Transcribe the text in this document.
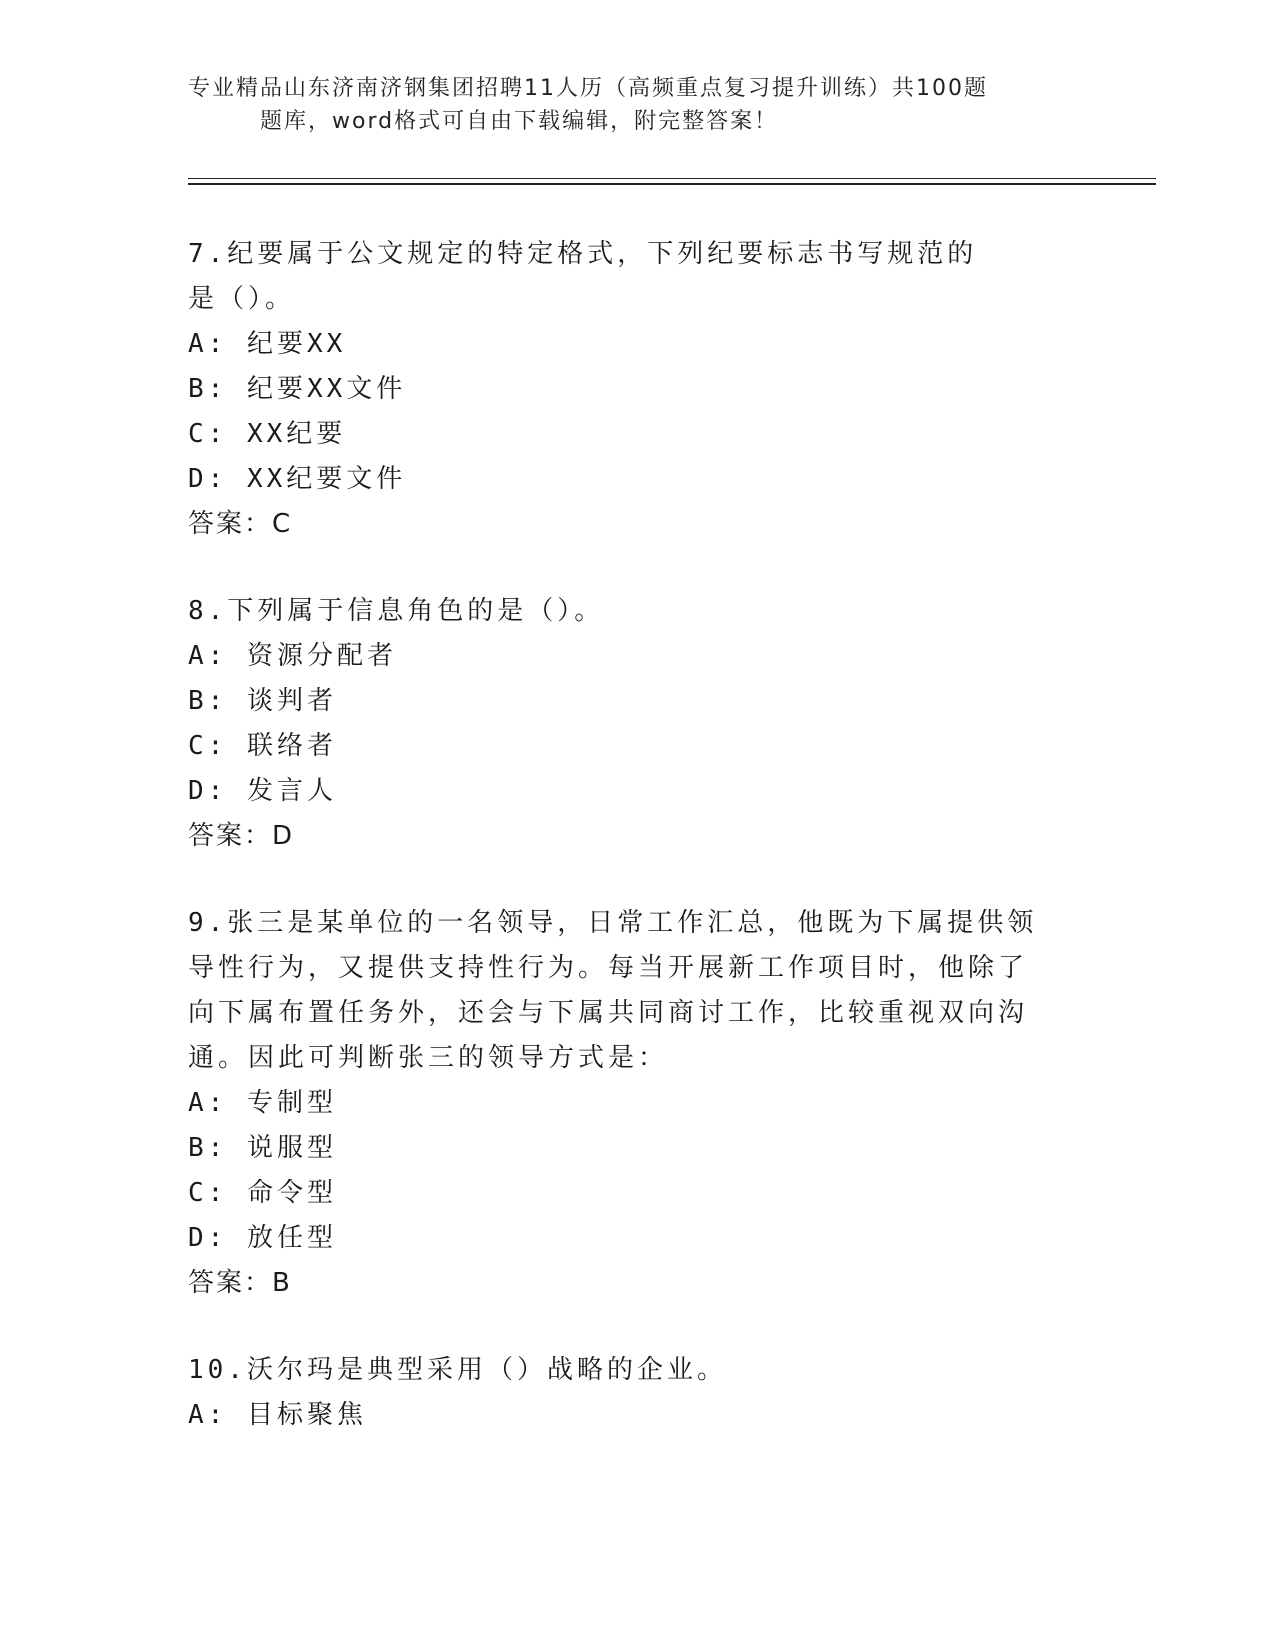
专业精品山东济南济钢集团招聘11人历（高频重点复习提升训练）共100题
题库，word格式可自由下载编辑，附完整答案！
7.纪要属于公文规定的特定格式，下列纪要标志书写规范的是（）。
A: 纪要XX
B: 纪要XX文件
C: XX纪要
D: XX纪要文件
答案：C
8.下列属于信息角色的是（）。
A: 资源分配者
B: 谈判者
C: 联络者
D: 发言人
答案：D
9.张三是某单位的一名领导，日常工作汇总，他既为下属提供领导性行为，又提供支持性行为。每当开展新工作项目时，他除了向下属布置任务外，还会与下属共同商讨工作，比较重视双向沟通。因此可判断张三的领导方式是：
A: 专制型
B: 说服型
C: 命令型
D: 放任型
答案：B
10.沃尔玛是典型采用（）战略的企业。
A: 目标聚焦
